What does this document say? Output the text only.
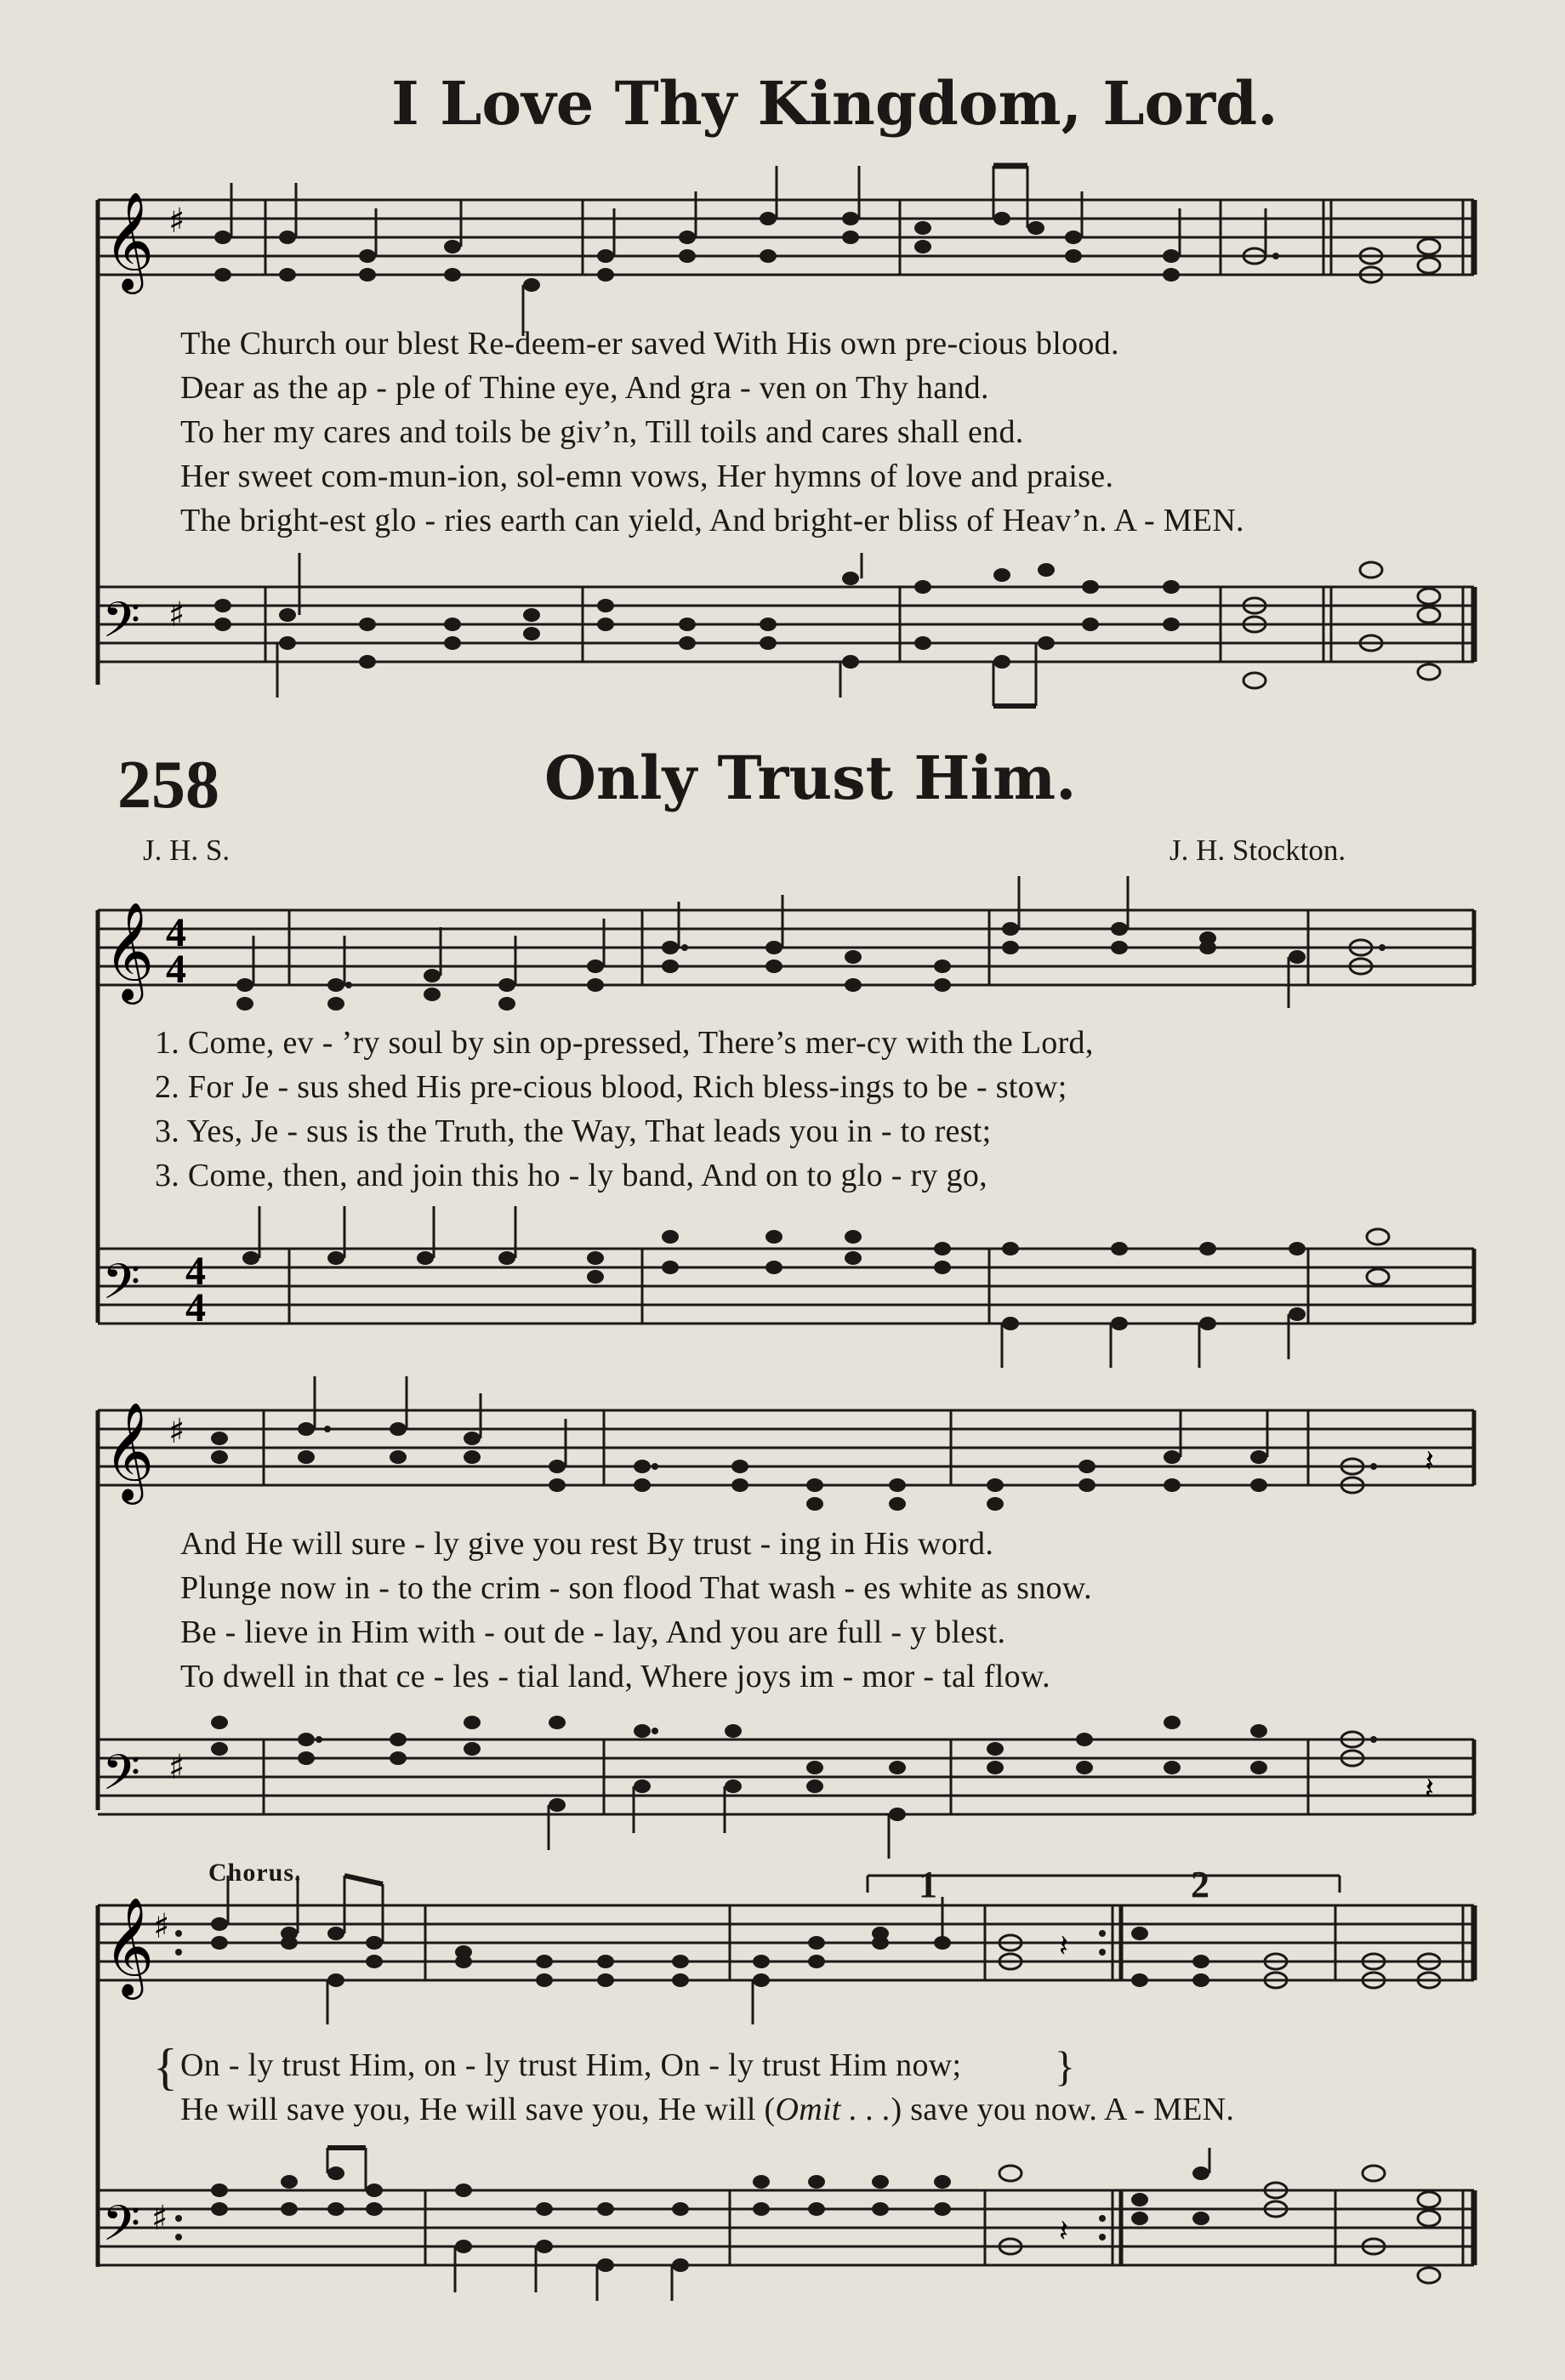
I Love Thy Kingdom, Lord.
𝄞 ♯
The Church our blest Re-deem-er saved With His own pre-cious blood.
Dear as the ap - ple of Thine eye, And gra - ven on Thy hand.
To her my cares and toils be giv’n, Till toils and cares shall end.
Her sweet com-mun-ion, sol-emn vows, Her hymns of love and praise.
The bright-est glo - ries earth can yield, And bright-er bliss of Heav’n. A - MEN.
𝄢 ♯
258	Only Trust Him.
J. H. S.	J. H. Stockton.
𝄞 4
4
1. Come, ev - ’ry soul by sin op-pressed, There’s mer-cy with the Lord,
2. For Je - sus shed His pre-cious blood, Rich bless-ings to be - stow;
3. Yes, Je - sus is the Truth, the Way, That leads you in - to rest;
3. Come, then, and join this ho - ly band, And on to glo - ry go,
𝄢 4
4
𝄞 ♯
𝄽
And He will sure - ly give you rest By trust - ing in His word.
Plunge now in - to the crim - son flood That wash - es white as snow.
Be - lieve in Him with - out de - lay, And you are full - y blest.
To dwell in that ce - les - tial land, Where joys im - mor - tal flow.
𝄢 ♯
𝄽
Chorus.	1	2
𝄞
♯
𝄽
{ On - ly trust Him, on - ly trust Him, On - ly trust Him now; }
He will save you, He will save you, He will (Omit . . .) save you now. A - MEN.
𝄢 ♯	𝄽
